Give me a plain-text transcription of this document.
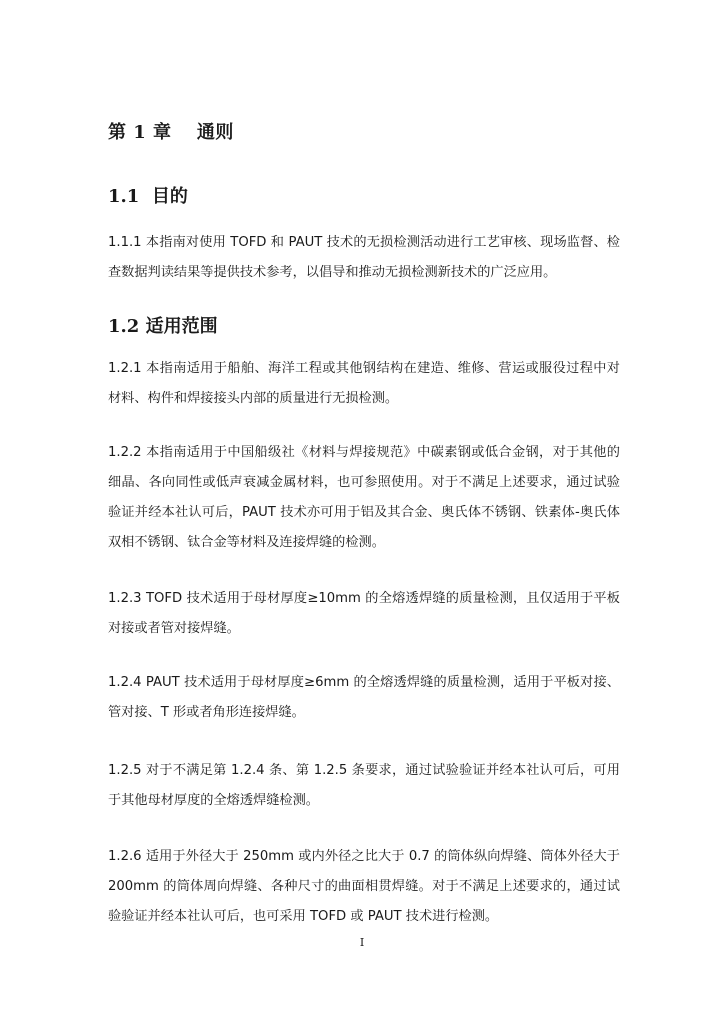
第 1 章　 通则
1.1  目的
1.1.1 本指南对使用 TOFD 和 PAUT 技术的无损检测活动进行工艺审核、现场监督、检查数据判读结果等提供技术参考，以倡导和推动无损检测新技术的广泛应用。
1.2 适用范围
1.2.1 本指南适用于船舶、海洋工程或其他钢结构在建造、维修、营运或服役过程中对材料、构件和焊接接头内部的质量进行无损检测。
1.2.2 本指南适用于中国船级社《材料与焊接规范》中碳素钢或低合金钢，对于其他的细晶、各向同性或低声衰减金属材料，也可参照使用。对于不满足上述要求，通过试验验证并经本社认可后，PAUT 技术亦可用于铝及其合金、奥氏体不锈钢、铁素体-奥氏体双相不锈钢、钛合金等材料及连接焊缝的检测。
1.2.3 TOFD 技术适用于母材厚度≥10mm 的全熔透焊缝的质量检测，且仅适用于平板对接或者管对接焊缝。
1.2.4 PAUT 技术适用于母材厚度≥6mm 的全熔透焊缝的质量检测，适用于平板对接、管对接、T 形或者角形连接焊缝。
1.2.5 对于不满足第 1.2.4 条、第 1.2.5 条要求，通过试验验证并经本社认可后，可用于其他母材厚度的全熔透焊缝检测。
1.2.6 适用于外径大于 250mm 或内外径之比大于 0.7 的筒体纵向焊缝、筒体外径大于 200mm 的筒体周向焊缝、各种尺寸的曲面相贯焊缝。对于不满足上述要求的，通过试验验证并经本社认可后，也可采用 TOFD 或 PAUT 技术进行检测。
I
